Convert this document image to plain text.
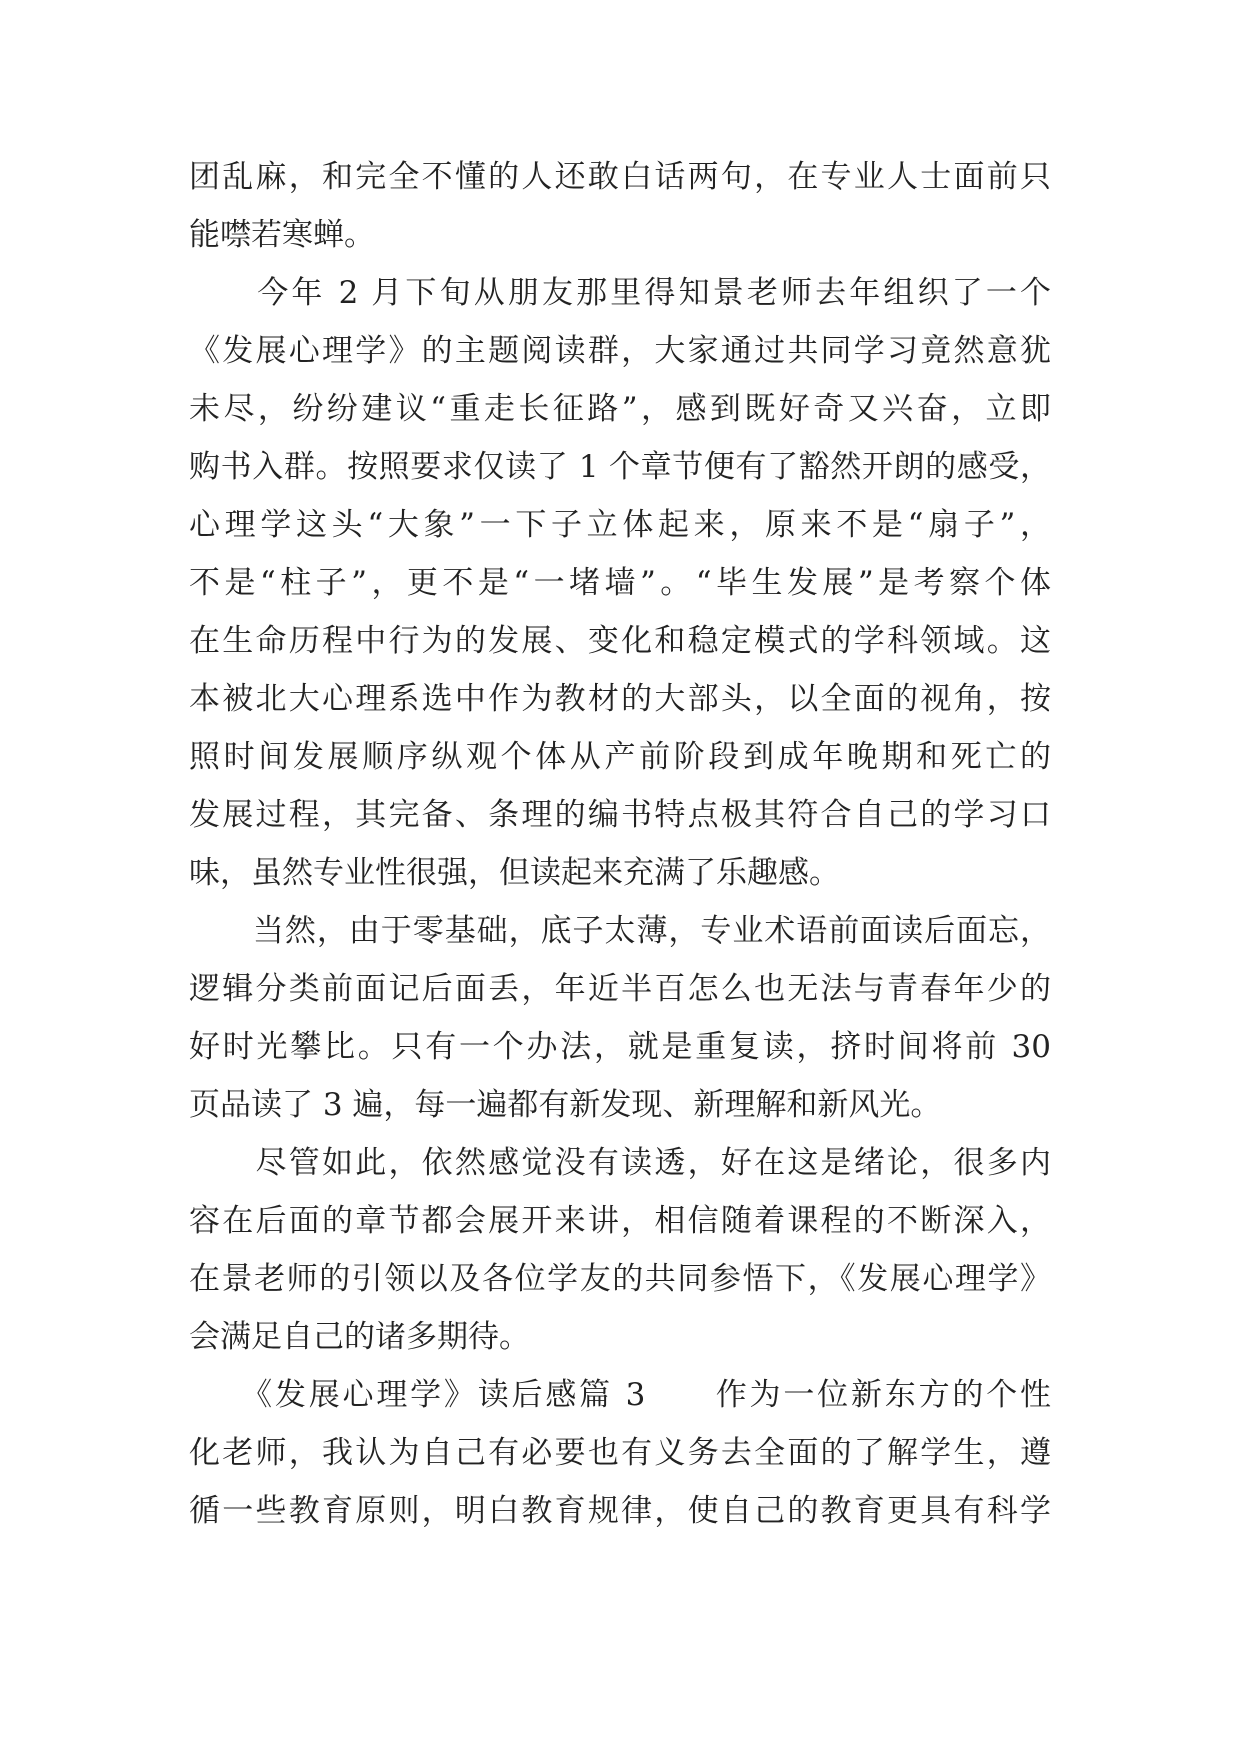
团乱麻，和完全不懂的人还敢白话两句，在专业人士面前只
能噤若寒蝉。
　　今年 2 月下旬从朋友那里得知景老师去年组织了一个
《发展心理学》的主题阅读群，大家通过共同学习竟然意犹
未尽，纷纷建议“重走长征路”，感到既好奇又兴奋，立即
购书入群。按照要求仅读了 1 个章节便有了豁然开朗的感受，
心理学这头“大象”一下子立体起来，原来不是“扇子”，
不是“柱子”，更不是“一堵墙”。“毕生发展”是考察个体
在生命历程中行为的发展、变化和稳定模式的学科领域。这
本被北大心理系选中作为教材的大部头，以全面的视角，按
照时间发展顺序纵观个体从产前阶段到成年晚期和死亡的
发展过程，其完备、条理的编书特点极其符合自己的学习口
味，虽然专业性很强，但读起来充满了乐趣感。
　　当然，由于零基础，底子太薄，专业术语前面读后面忘，
逻辑分类前面记后面丢，年近半百怎么也无法与青春年少的
好时光攀比。只有一个办法，就是重复读，挤时间将前 30
页品读了 3 遍，每一遍都有新发现、新理解和新风光。
　　尽管如此，依然感觉没有读透，好在这是绪论，很多内
容在后面的章节都会展开来讲，相信随着课程的不断深入，
在景老师的引领以及各位学友的共同参悟下，《发展心理学》
会满足自己的诸多期待。
　　《发展心理学》读后感篇 3　　作为一位新东方的个性
化老师，我认为自己有必要也有义务去全面的了解学生，遵
循一些教育原则，明白教育规律，使自己的教育更具有科学
